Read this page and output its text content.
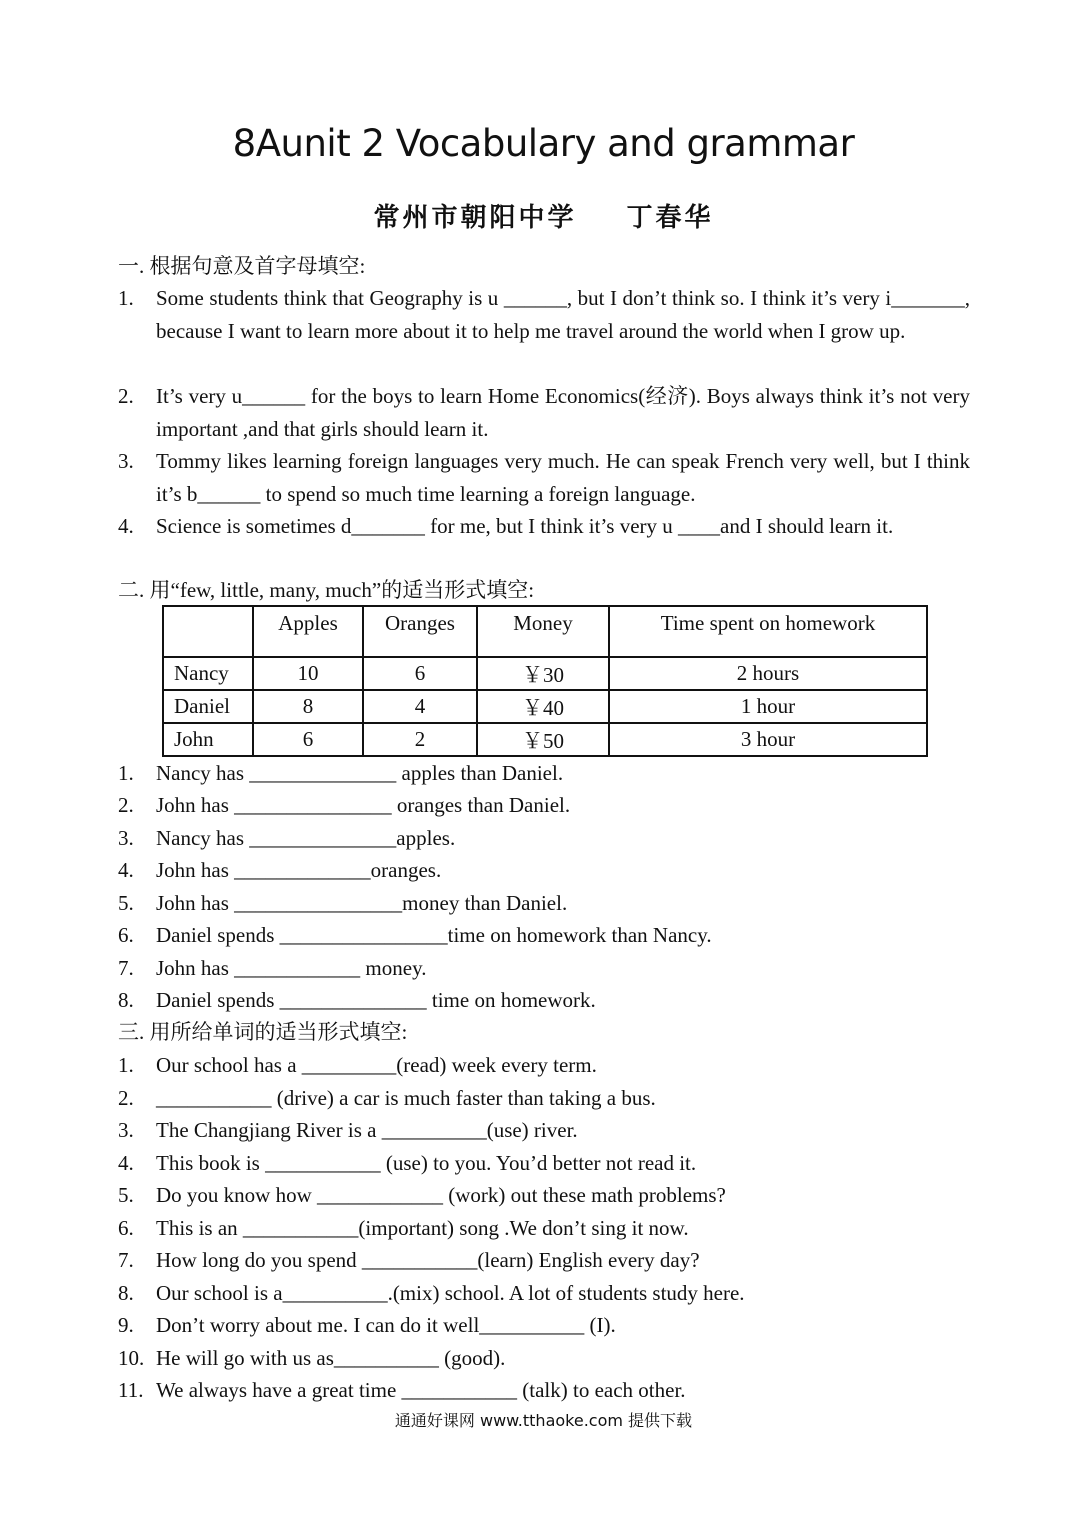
8Aunit 2 Vocabulary and grammar
常州市朝阳中学 丁春华
一. 根据句意及首字母填空:
1. Some students think that Geography is u ______, but I don’t think so. I think it’s very i_______, because I want to learn more about it to help me travel around the world when I grow up.
2. It’s very u______ for the boys to learn Home Economics(经济). Boys always think it’s not very important ,and that girls should learn it.
3. Tommy likes learning foreign languages very much. He can speak French very well, but I think it’s b______ to spend so much time learning a foreign language.
4. Science is sometimes d_______ for me, but I think it’s very u ____and I should learn it.
二. 用“few, little, many, much”的适当形式填空:
	Apples	Oranges	Money	Time spent on homework
Nancy	10	6	￥30	2 hours
Daniel	8	4	￥40	1 hour
John	6	2	￥50	3 hour
1. Nancy has ______________ apples than Daniel.
2. John has _______________ oranges than Daniel.
3. Nancy has ______________apples.
4. John has _____________oranges.
5. John has ________________money than Daniel.
6. Daniel spends ________________time on homework than Nancy.
7. John has ____________ money.
8. Daniel spends ______________ time on homework.
三. 用所给单词的适当形式填空:
1. Our school has a _________(read) week every term.
2. ___________ (drive) a car is much faster than taking a bus.
3. The Changjiang River is a __________(use) river.
4. This book is ___________ (use) to you. You’d better not read it.
5. Do you know how ____________ (work) out these math problems?
6. This is an ___________(important) song .We don’t sing it now.
7. How long do you spend ___________(learn) English every day?
8. Our school is a__________.(mix) school. A lot of students study here.
9. Don’t worry about me. I can do it well__________ (I).
10. He will go with us as__________ (good).
11. We always have a great time ___________ (talk) to each other.
通通好课网 www.tthaoke.com 提供下载
